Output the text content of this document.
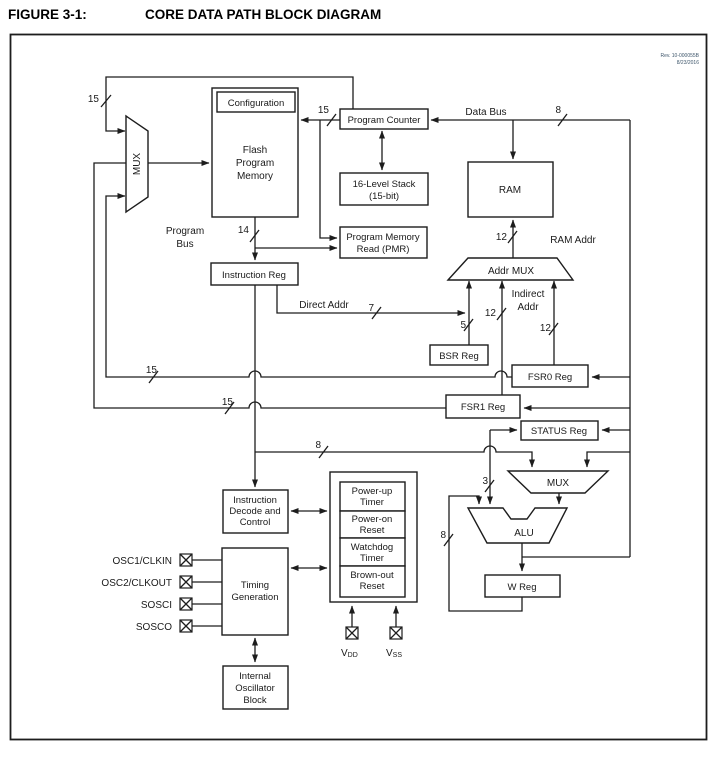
FIGURE 3-1:	CORE DATA PATH BLOCK DIAGRAM
Rev. 10-000055B
8/23/2016
Configuration
Flash
Program
Memory
Program Counter
16-Level Stack
(15-bit)
RAM
Program Memory
Read (PMR)
Instruction Reg
MUX
Addr MUX
BSR Reg
FSR0 Reg
FSR1 Reg
STATUS Reg
MUX
ALU
W Reg
Instruction
Decode and
Control
Timing
Generation
Power-up
Timer
Power-on
Reset
Watchdog
Timer
Brown-out
Reset
Internal
Oscillator
Block
OSC1/CLKIN
OSC2/CLKOUT
SOSCI
SOSCO
VDD	VSS
Data Bus
Program
Bus	RAM Addr
Direct Addr
Indirect
Addr
15
15	8
14
12
7
5
12
12
15
15
8
3
8
